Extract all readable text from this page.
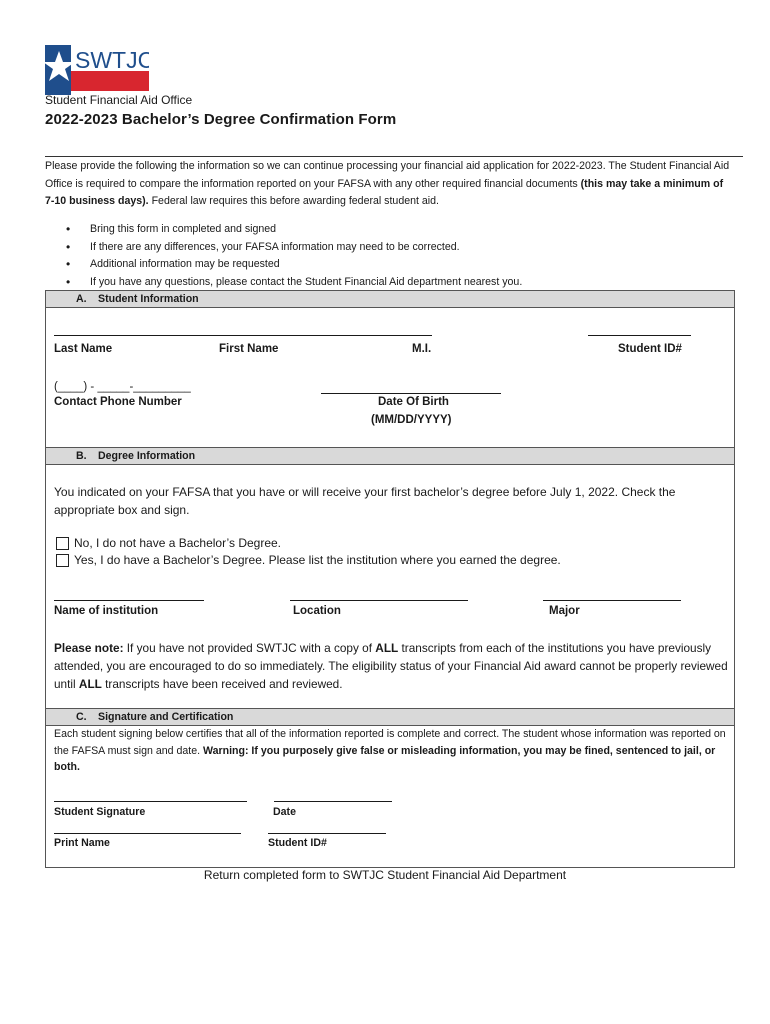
SWTJC
Student Financial Aid Office
2022-2023 Bachelor’s Degree Confirmation Form
Please provide the following the information so we can continue processing your financial aid application for 2022-2023. The Student Financial Aid Office is required to compare the information reported on your FAFSA with any other required financial documents (this may take a minimum of 7-10 business days). Federal law requires this before awarding federal student aid.
• Bring this form in completed and signed
• If there are any differences, your FAFSA information may need to be corrected.
• Additional information may be requested
• If you have any questions, please contact the Student Financial Aid department nearest you.
A. Student Information
Last Name	First Name	M.I.	Student ID#
(____) - _____-_________
Contact Phone Number	Date Of Birth
(MM/DD/YYYY)
B. Degree Information
You indicated on your FAFSA that you have or will receive your first bachelor’s degree before July 1, 2022. Check the appropriate box and sign.
No, I do not have a Bachelor’s Degree.
Yes, I do have a Bachelor’s Degree. Please list the institution where you earned the degree.
Name of institution	Location	Major
Please note: If you have not provided SWTJC with a copy of ALL transcripts from each of the institutions you have previously attended, you are encouraged to do so immediately. The eligibility status of your Financial Aid award cannot be properly reviewed until ALL transcripts have been received and reviewed.
C. Signature and Certification
Each student signing below certifies that all of the information reported is complete and correct. The student whose information was reported on the FAFSA must sign and date. Warning: If you purposely give false or misleading information, you may be fined, sentenced to jail, or both.
Student Signature	Date
Print Name	Student ID#
Return completed form to SWTJC Student Financial Aid Department
